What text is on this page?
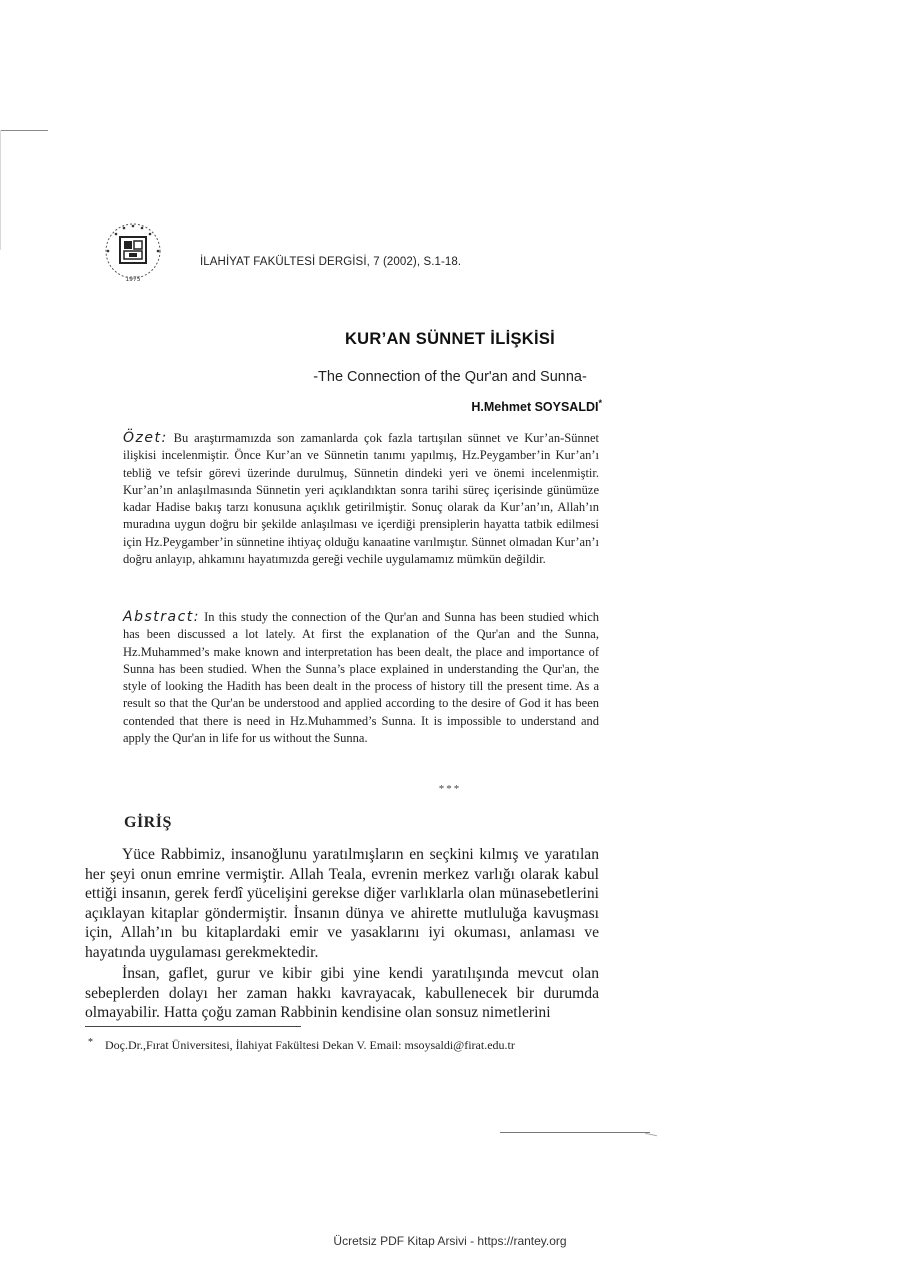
1975
İLAHİYAT FAKÜLTESİ DERGİSİ, 7 (2002), S.1-18.
KUR’AN SÜNNET İLİŞKİSİ
-The Connection of the Qur'an and Sunna-
H.Mehmet SOYSALDI*
Özet: Bu araştırmamızda son zamanlarda çok fazla tartışılan sünnet ve Kur’an-Sünnet ilişkisi incelenmiştir. Önce Kur’an ve Sünnetin tanımı yapılmış, Hz.Peygamber’in Kur’an’ı tebliğ ve tefsir görevi üzerinde durulmuş, Sünnetin dindeki yeri ve önemi incelenmiştir. Kur’an’ın anlaşılmasında Sünnetin yeri açıklandıktan sonra tarihi süreç içerisinde günümüze kadar Hadise bakış tarzı konusuna açıklık getirilmiştir. Sonuç olarak da Kur’an’ın, Allah’ın muradına uygun doğru bir şekilde anlaşılması ve içerdiği prensiplerin hayatta tatbik edilmesi için Hz.Peygamber’in sünnetine ihtiyaç olduğu kanaatine varılmıştır. Sünnet olmadan Kur’an’ı doğru anlayıp, ahkamını hayatımızda gereği vechile uygulamamız mümkün değildir.
Abstract: In this study the connection of the Qur'an and Sunna has been studied which has been discussed a lot lately. At first the explanation of the Qur'an and the Sunna, Hz.Muhammed’s make known and interpretation has been dealt, the place and importance of Sunna has been studied. When the Sunna’s place explained in understanding the Qur'an, the style of looking the Hadith has been dealt in the process of history till the present time. As a result so that the Qur'an be understood and applied according to the desire of God it has been contended that there is need in Hz.Muhammed’s Sunna. It is impossible to understand and apply the Qur'an in life for us without the Sunna.
***
GİRİŞ

Yüce Rabbimiz, insanoğlunu yaratılmışların en seçkini kılmış ve yaratılan her şeyi onun emrine vermiştir. Allah Teala, evrenin merkez varlığı olarak kabul ettiği insanın, gerek ferdî yücelişini gerekse diğer varlıklarla olan münasebetlerini açıklayan kitaplar göndermiştir. İnsanın dünya ve ahirette mutluluğa kavuşması için, Allah’ın bu kitaplardaki emir ve yasaklarını iyi okuması, anlaması ve hayatında uygulaması gerekmektedir.

İnsan, gaflet, gurur ve kibir gibi yine kendi yaratılışında mevcut olan sebeplerden dolayı her zaman hakkı kavrayacak, kabullenecek bir durumda olmayabilir. Hatta çoğu zaman Rabbinin kendisine olan sonsuz nimetlerini

* Doç.Dr.,Fırat Üniversitesi, İlahiyat Fakültesi Dekan V. Email: msoysaldi@firat.edu.tr
Ücretsiz PDF Kitap Arsivi - https://rantey.org
